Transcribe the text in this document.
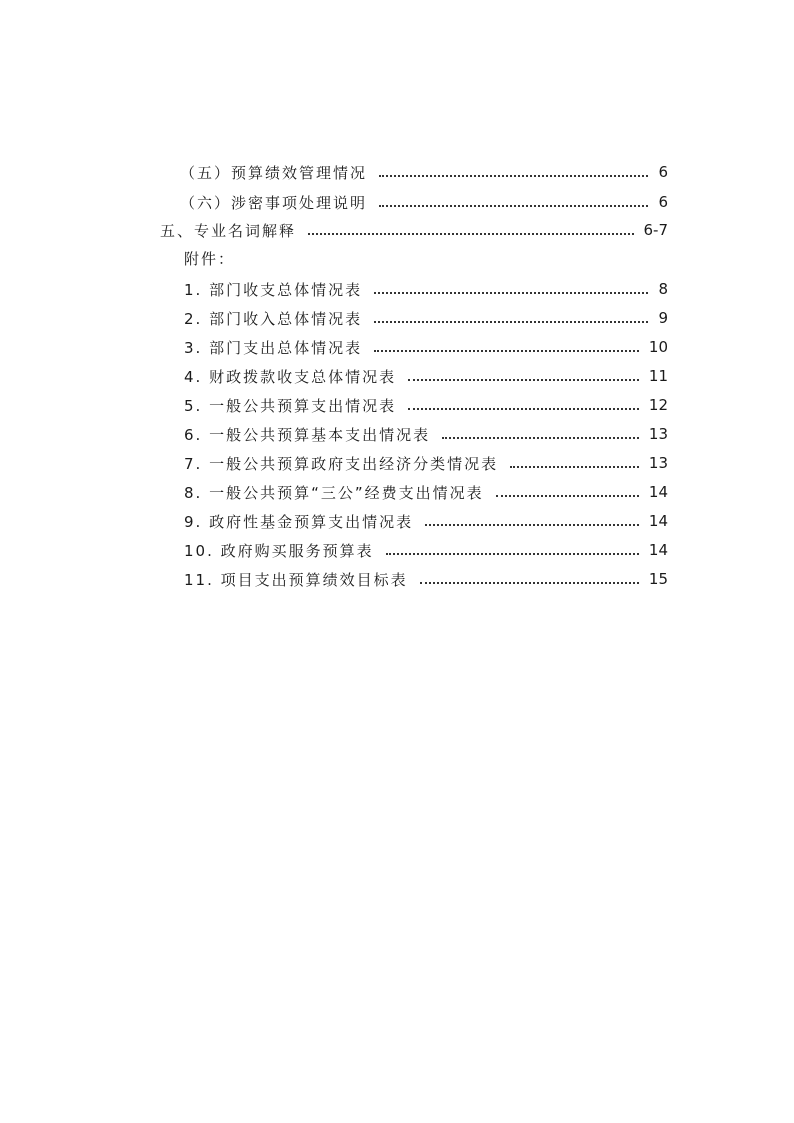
（五）预算绩效管理情况	6
（六）涉密事项处理说明	6
五、专业名词解释	6-7
附件：
1. 部门收支总体情况表	8
2. 部门收入总体情况表	9
3. 部门支出总体情况表	10
4. 财政拨款收支总体情况表	11
5. 一般公共预算支出情况表	12
6. 一般公共预算基本支出情况表	13
7. 一般公共预算政府支出经济分类情况表	13
8. 一般公共预算“三公”经费支出情况表	14
9. 政府性基金预算支出情况表	14
10. 政府购买服务预算表	14
11. 项目支出预算绩效目标表	15
